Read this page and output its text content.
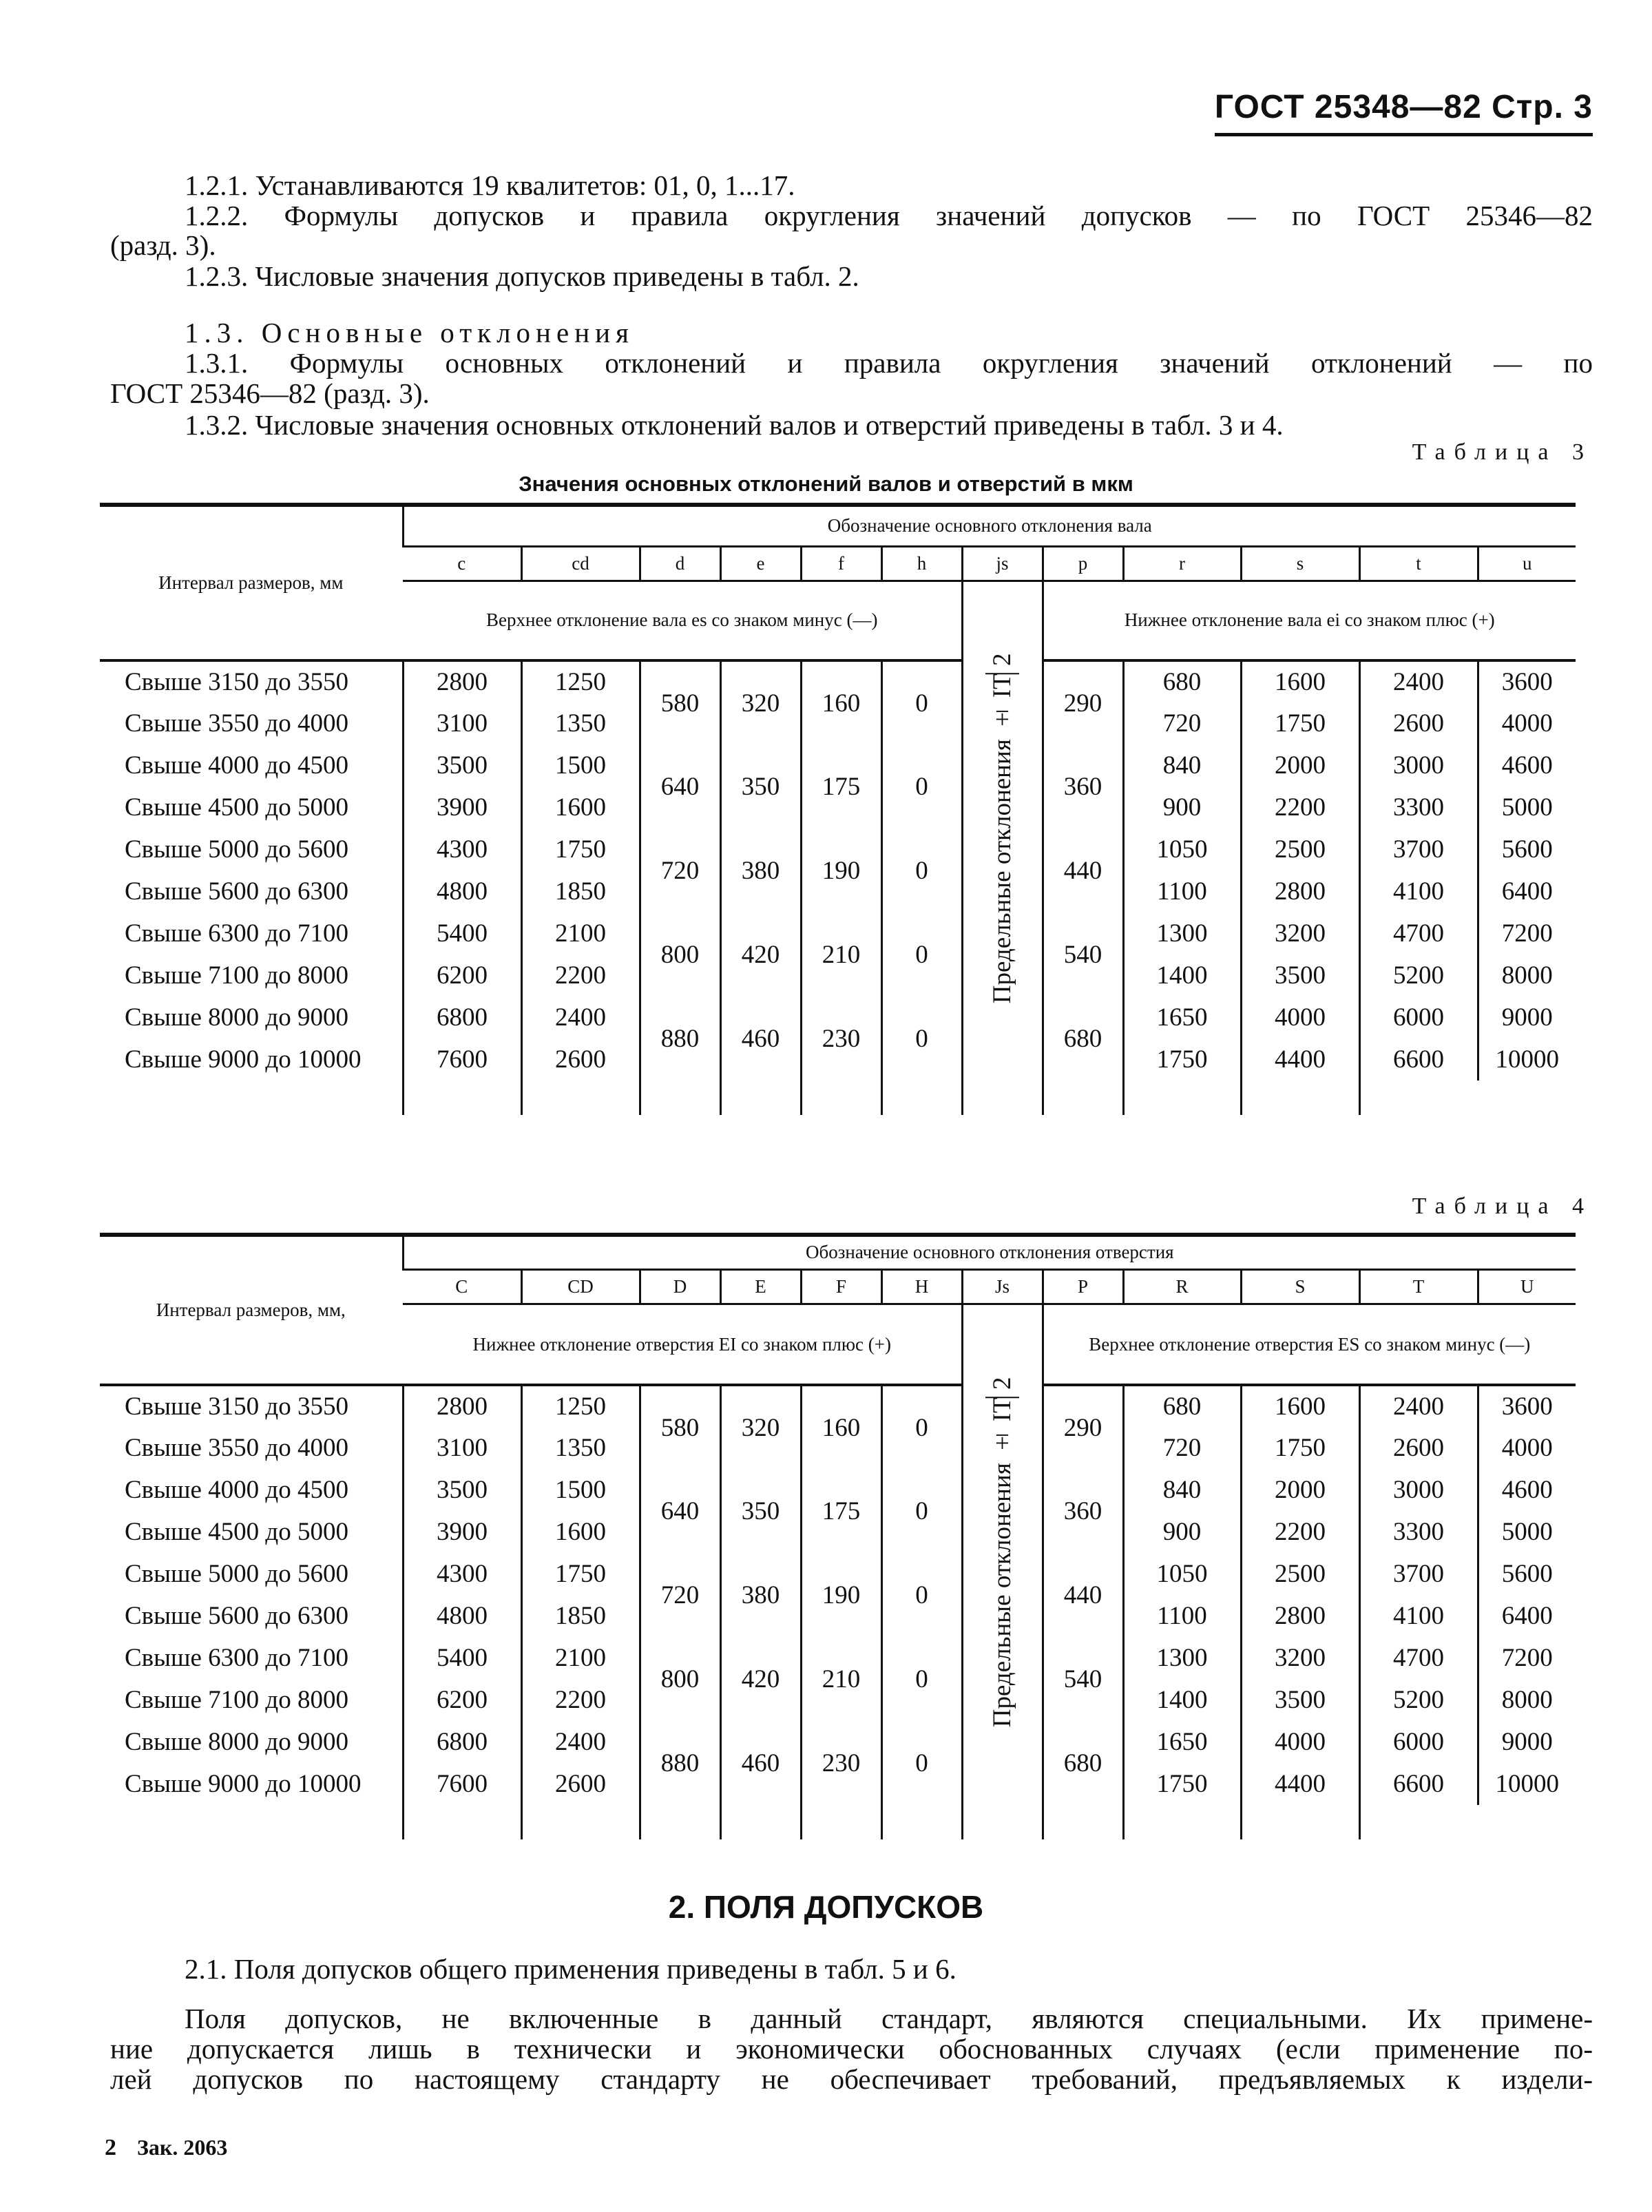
ГОСТ 25348—82 Стр. 3
1.2.1. Устанавливаются 19 квалитетов: 01, 0, 1...17.
1.2.2. Формулы допусков и правила округления значений допусков — по ГОСТ 25346—82
(разд. 3).
1.2.3. Числовые значения допусков приведены в табл. 2.
1.3. Основные отклонения
1.3.1. Формулы основных отклонений и правила округления значений отклонений — по
ГОСТ 25346—82 (разд. 3).
1.3.2. Числовые значения основных отклонений валов и отверстий приведены в табл. 3 и 4.
Таблица 3
Значения основных отклонений валов и отверстий в мкм
Интервал размеров, мм	Обозначение основного отклонения вала											
	c	cd	d	e	f	h	js	p	r	s	t	u
	Верхнее отклонение вала es со знаком минус (—)						Предельные отклонения ± IT 2	Нижнее отклонение вала ei со знаком плюс (+)				
Свыше 3150 до 3550	2800	1250	580	320	160	0		290	680	1600	2400	3600
Свыше 3550 до 4000	3100	1350							720	1750	2600	4000
Свыше 4000 до 4500	3500	1500	640	350	175	0		360	840	2000	3000	4600
Свыше 4500 до 5000	3900	1600							900	2200	3300	5000
Свыше 5000 до 5600	4300	1750	720	380	190	0		440	1050	2500	3700	5600
Свыше 5600 до 6300	4800	1850							1100	2800	4100	6400
Свыше 6300 до 7100	5400	2100	800	420	210	0		540	1300	3200	4700	7200
Свыше 7100 до 8000	6200	2200							1400	3500	5200	8000
Свыше 8000 до 9000	6800	2400	880	460	230	0		680	1650	4000	6000	9000
Свыше 9000 до 10000	7600	2600							1750	4400	6600	10000

Таблица 4
Интервал размеров, мм,	Обозначение основного отклонения отверстия											
	C	CD	D	E	F	H	Js	P	R	S	T	U
	Нижнее отклонение отверстия EI со знаком плюс (+)						Предельные отклонения ± IT 2	Верхнее отклонение отверстия ES со знаком минус (—)				
Свыше 3150 до 3550	2800	1250	580	320	160	0		290	680	1600	2400	3600
Свыше 3550 до 4000	3100	1350							720	1750	2600	4000
Свыше 4000 до 4500	3500	1500	640	350	175	0		360	840	2000	3000	4600
Свыше 4500 до 5000	3900	1600							900	2200	3300	5000
Свыше 5000 до 5600	4300	1750	720	380	190	0		440	1050	2500	3700	5600
Свыше 5600 до 6300	4800	1850							1100	2800	4100	6400
Свыше 6300 до 7100	5400	2100	800	420	210	0		540	1300	3200	4700	7200
Свыше 7100 до 8000	6200	2200							1400	3500	5200	8000
Свыше 8000 до 9000	6800	2400	880	460	230	0		680	1650	4000	6000	9000
Свыше 9000 до 10000	7600	2600							1750	4400	6600	10000

2. ПОЛЯ ДОПУСКОВ
2.1. Поля допусков общего применения приведены в табл. 5 и 6.
Поля допусков, не включенные в данный стандарт, являются специальными. Их примене-
ние допускается лишь в технически и экономически обоснованных случаях (если применение по-
лей допусков по настоящему стандарту не обеспечивает требований, предъявляемых к издели-
2 Зак. 2063
